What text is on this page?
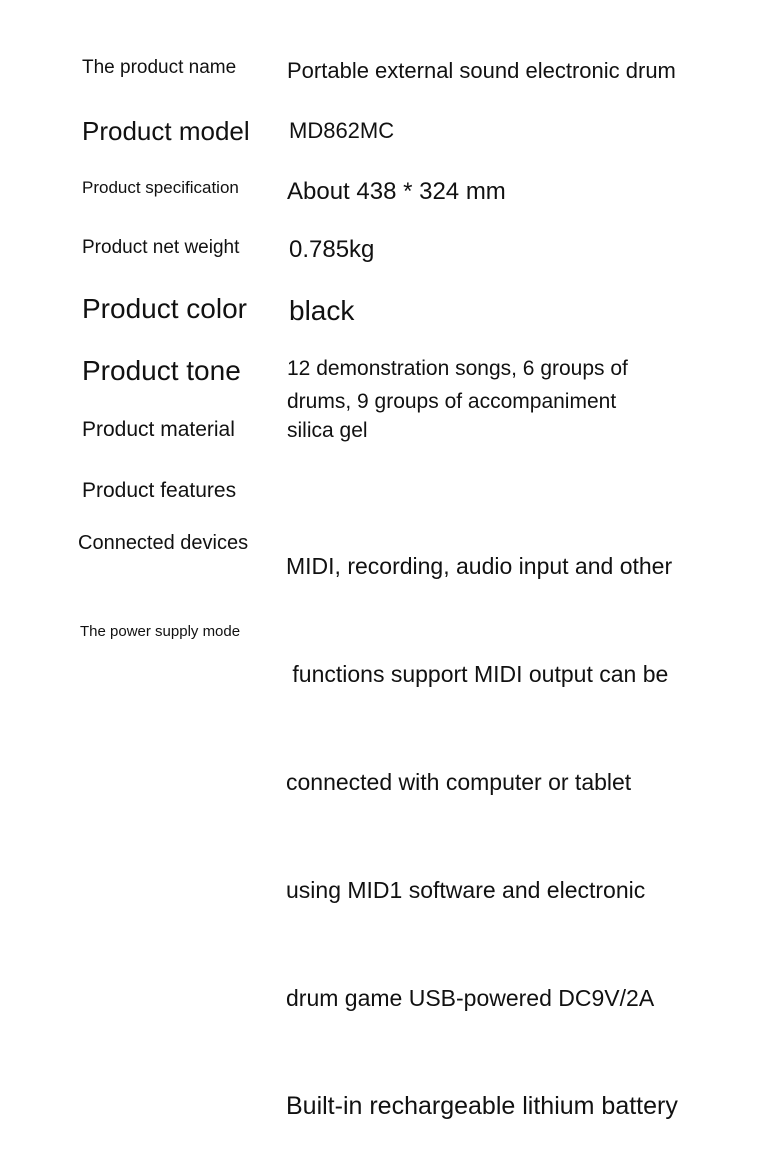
The product name
Product model
Product specification
Product net weight
Product color
Product tone
Product material
Product features
Connected devices
The power supply mode
Portable external sound electronic drum
MD862MC
About 438 * 324 mm
0.785kg
black
12 demonstration songs, 6 groups of
drums, 9 groups of accompaniment
silica gel

MIDI, recording, audio input and other

functions support MIDI output can be

connected with computer or tablet

using MID1 software and electronic

drum game USB-powered DC9V/2A

Built-in rechargeable lithium battery
